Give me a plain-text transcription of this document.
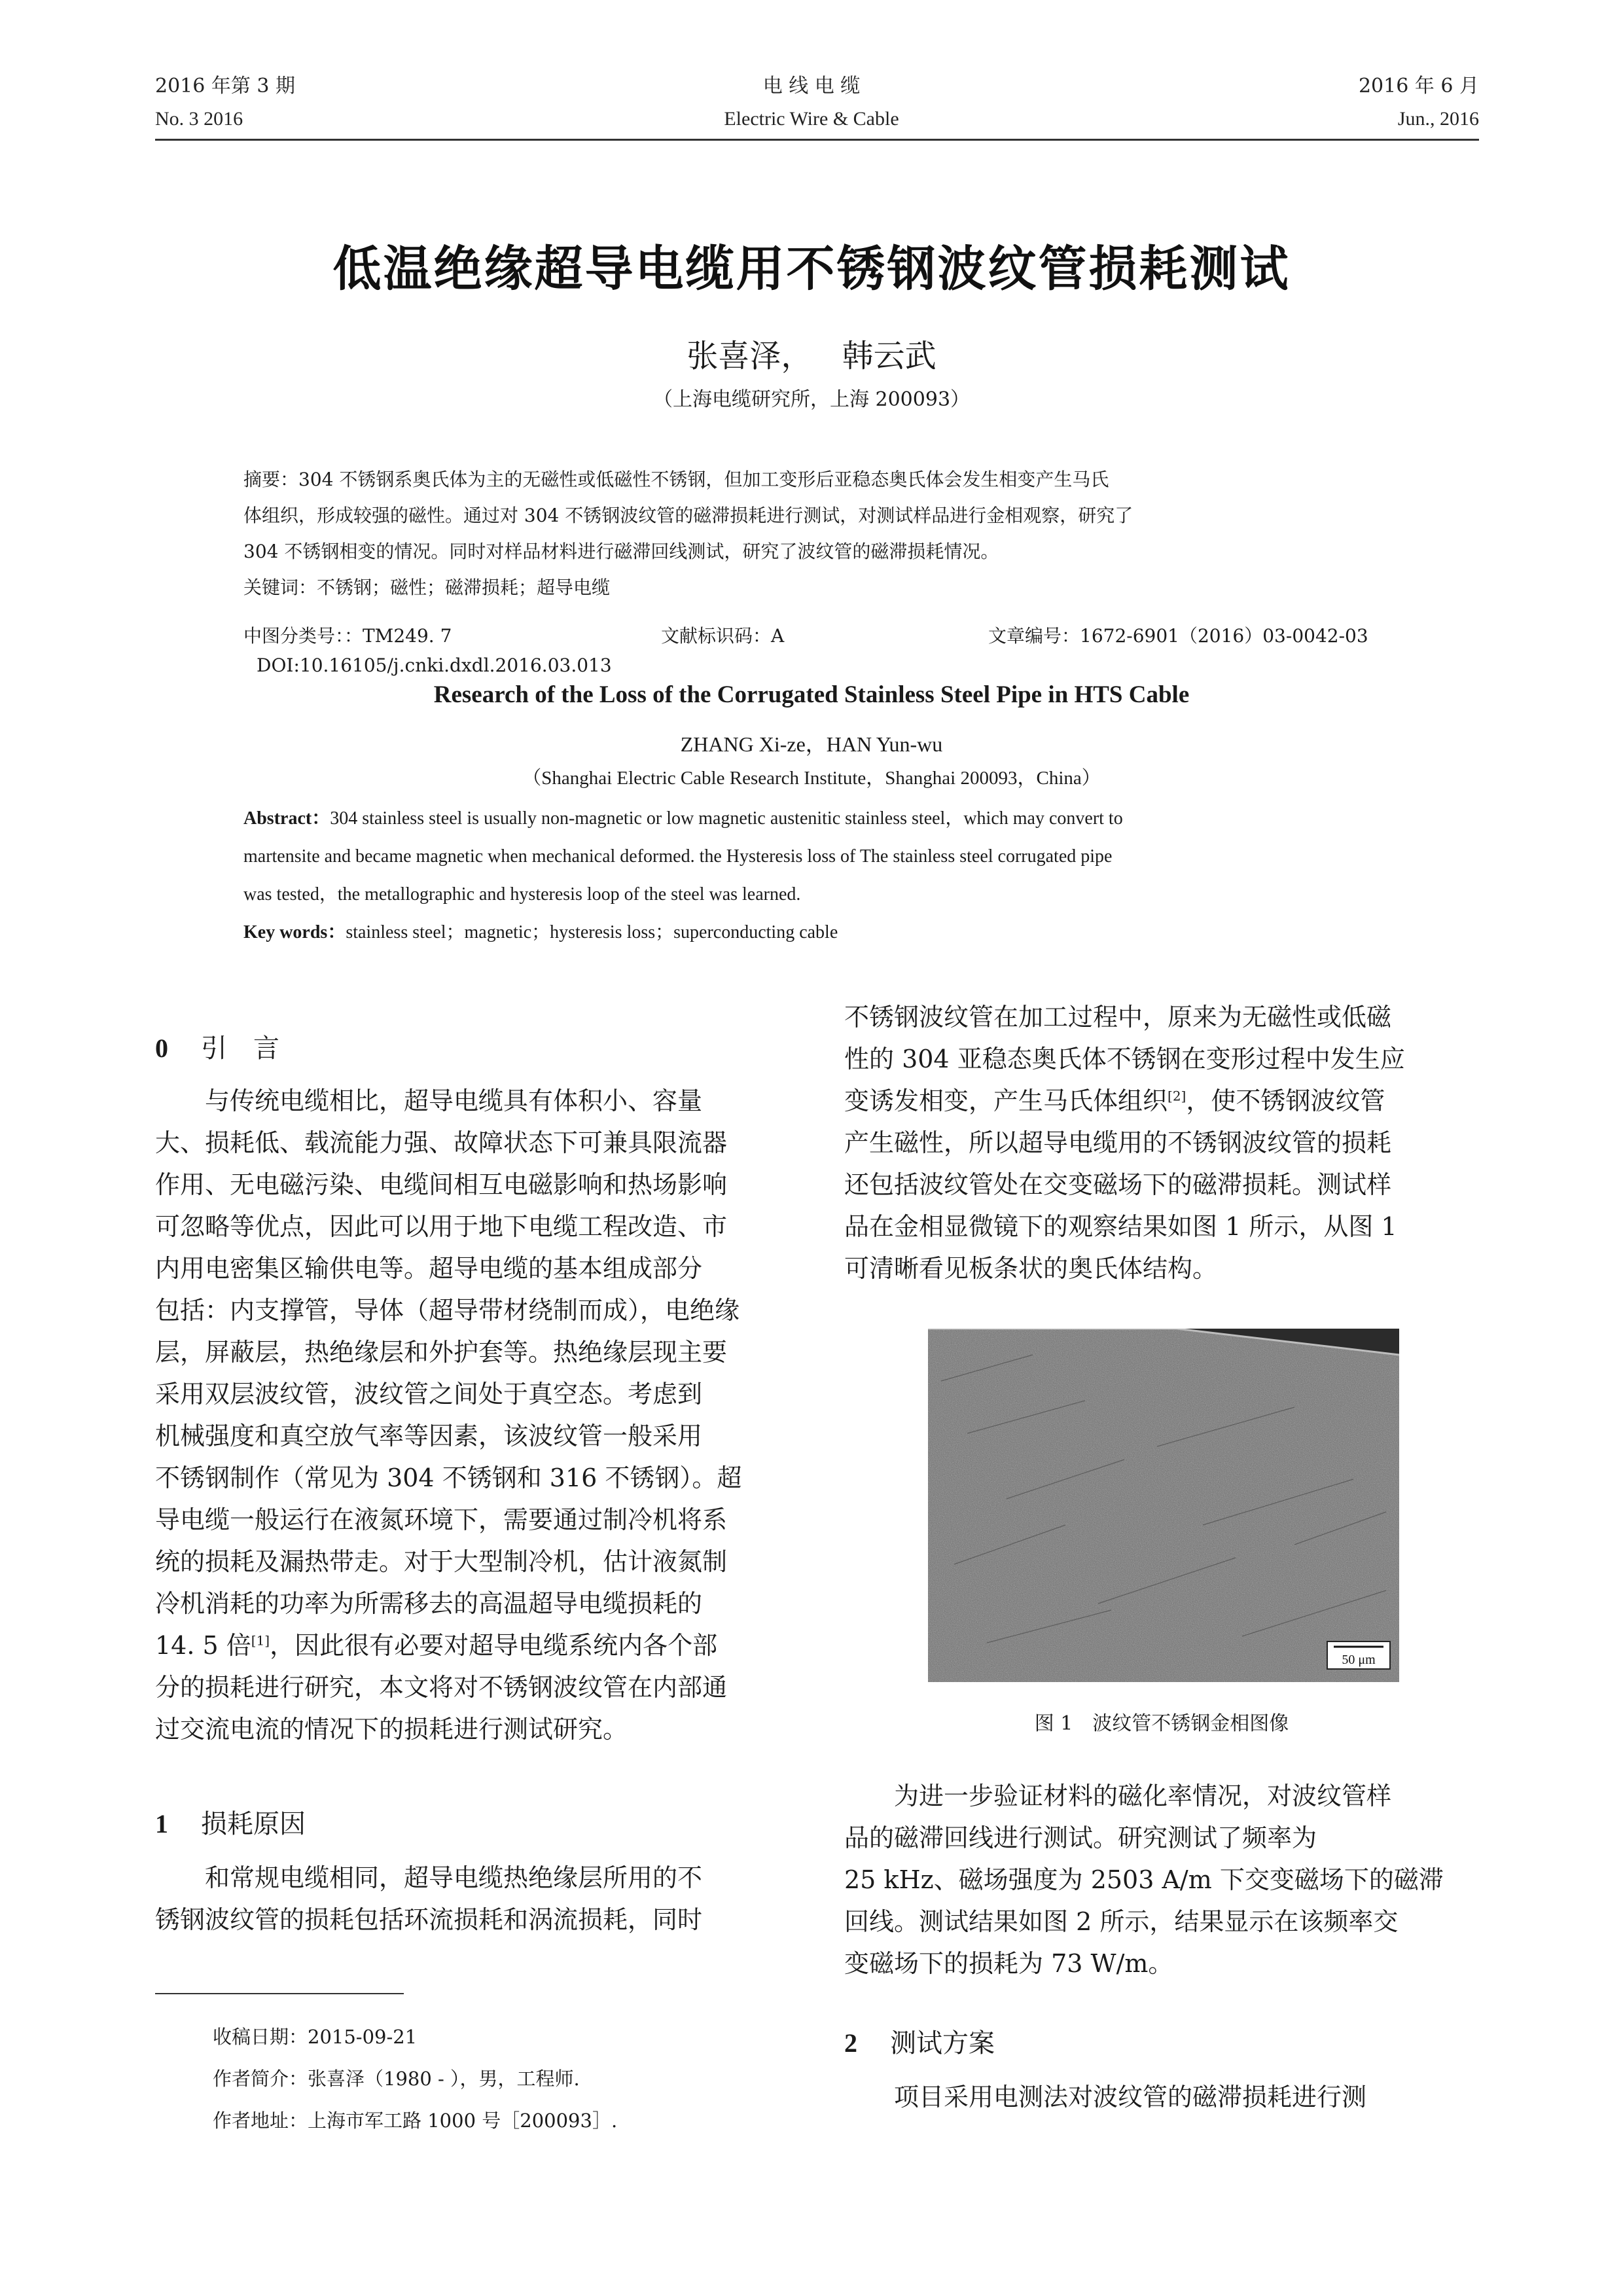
2016 年第 3 期
No. 3 2016
电 线 电 缆
Electric Wire & Cable
2016 年 6 月
Jun., 2016
低温绝缘超导电缆用不锈钢波纹管损耗测试
张喜泽， 韩云武
（上海电缆研究所，上海 200093）
摘要：304 不锈钢系奥氏体为主的无磁性或低磁性不锈钢，但加工变形后亚稳态奥氏体会发生相变产生马氏
体组织，形成较强的磁性。通过对 304 不锈钢波纹管的磁滞损耗进行测试，对测试样品进行金相观察，研究了
304 不锈钢相变的情况。同时对样品材料进行磁滞回线测试，研究了波纹管的磁滞损耗情况。
关键词：不锈钢；磁性；磁滞损耗；超导电缆
中图分类号：：TM249. 7	文献标识码：A	文章编号：1672-6901（2016）03-0042-03
DOI:10.16105/j.cnki.dxdl.2016.03.013
Research of the Loss of the Corrugated Stainless Steel Pipe in HTS Cable
ZHANG Xi-ze，HAN Yun-wu
（Shanghai Electric Cable Research Institute，Shanghai 200093，China）
Abstract：304 stainless steel is usually non-magnetic or low magnetic austenitic stainless steel，which may convert to
martensite and became magnetic when mechanical deformed. the Hysteresis loss of The stainless steel corrugated pipe
was tested，the metallographic and hysteresis loop of the steel was learned.
Key words：stainless steel；magnetic；hysteresis loss；superconducting cable
0 引　言
与传统电缆相比，超导电缆具有体积小、容量
大、损耗低、载流能力强、故障状态下可兼具限流器
作用、无电磁污染、电缆间相互电磁影响和热场影响
可忽略等优点，因此可以用于地下电缆工程改造、市
内用电密集区输供电等。超导电缆的基本组成部分
包括：内支撑管，导体（超导带材绕制而成），电绝缘
层，屏蔽层，热绝缘层和外护套等。热绝缘层现主要
采用双层波纹管，波纹管之间处于真空态。考虑到
机械强度和真空放气率等因素，该波纹管一般采用
不锈钢制作（常见为 304 不锈钢和 316 不锈钢）。超
导电缆一般运行在液氮环境下，需要通过制冷机将系
统的损耗及漏热带走。对于大型制冷机，估计液氮制
冷机消耗的功率为所需移去的高温超导电缆损耗的
14. 5 倍[1]，因此很有必要对超导电缆系统内各个部
分的损耗进行研究，本文将对不锈钢波纹管在内部通
过交流电流的情况下的损耗进行测试研究。
1 损耗原因
和常规电缆相同，超导电缆热绝缘层所用的不
锈钢波纹管的损耗包括环流损耗和涡流损耗，同时
收稿日期：2015-09-21
作者简介：张喜泽（1980 - ），男，工程师.
作者地址：上海市军工路 1000 号［200093］.
不锈钢波纹管在加工过程中，原来为无磁性或低磁
性的 304 亚稳态奥氏体不锈钢在变形过程中发生应
变诱发相变，产生马氏体组织[2]，使不锈钢波纹管
产生磁性，所以超导电缆用的不锈钢波纹管的损耗
还包括波纹管处在交变磁场下的磁滞损耗。测试样
品在金相显微镜下的观察结果如图 1 所示，从图 1
可清晰看见板条状的奥氏体结构。
50 μm
图 1　波纹管不锈钢金相图像
为进一步验证材料的磁化率情况，对波纹管样
品的磁滞回线进行测试。研究测试了频率为
25 kHz、磁场强度为 2503 A/m 下交变磁场下的磁滞
回线。测试结果如图 2 所示，结果显示在该频率交
变磁场下的损耗为 73 W/m。
2 测试方案
项目采用电测法对波纹管的磁滞损耗进行测
